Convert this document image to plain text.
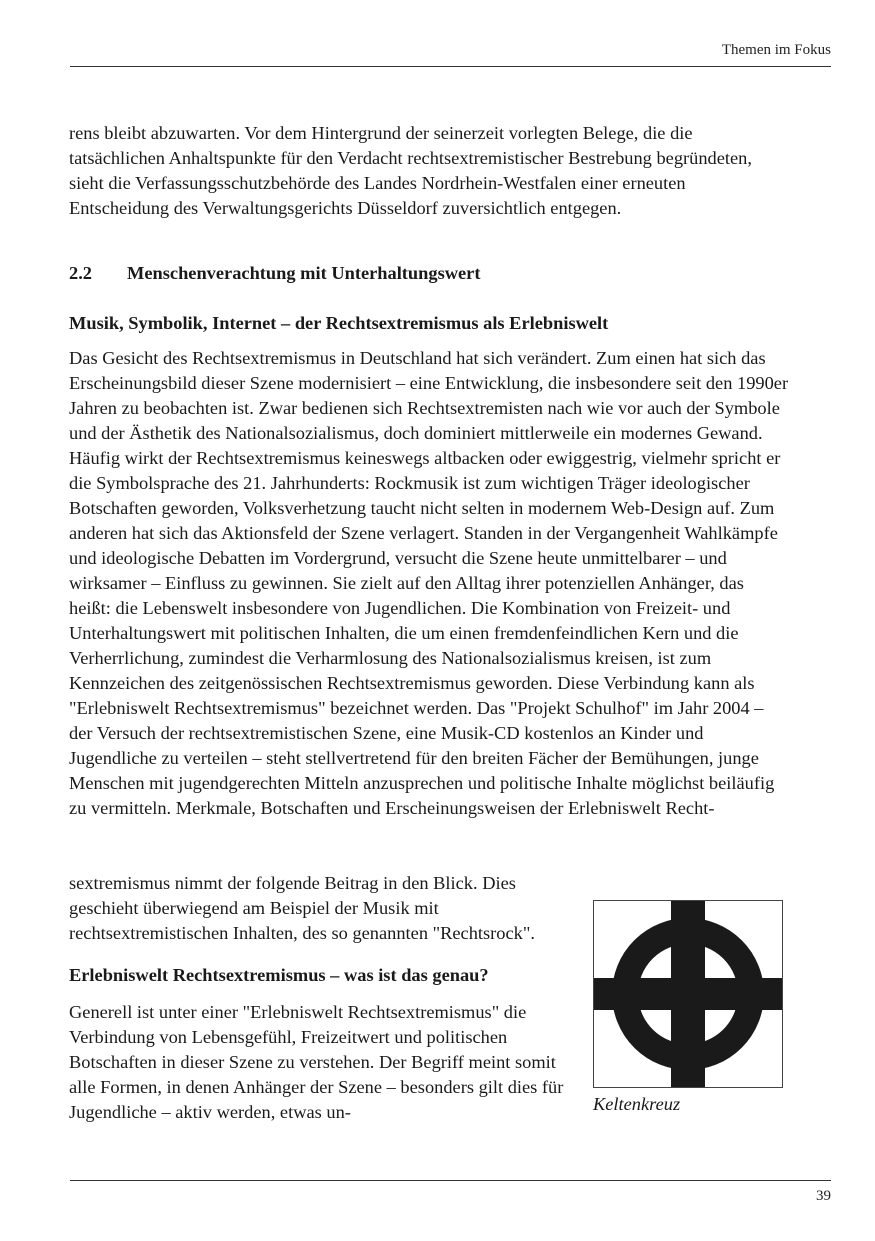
Themen im Fokus

rens bleibt abzuwarten. Vor dem Hintergrund der seinerzeit vorlegten Belege, die die tatsächlichen Anhaltspunkte für den Verdacht rechtsextremistischer Bestrebung begründeten, sieht die Verfassungsschutzbehörde des Landes Nordrhein-Westfalen einer erneuten Entscheidung des Verwaltungsgerichts Düsseldorf zuversichtlich entgegen.

2.2 Menschenverachtung mit Unterhaltungswert
Musik, Symbolik, Internet – der Rechtsextremismus als Erlebniswelt

Das Gesicht des Rechtsextremismus in Deutschland hat sich verändert. Zum einen hat sich das Erscheinungsbild dieser Szene modernisiert – eine Entwicklung, die insbesondere seit den 1990er Jahren zu beobachten ist. Zwar bedienen sich Rechtsextremisten nach wie vor auch der Symbole und der Ästhetik des Nationalsozialismus, doch dominiert mittlerweile ein modernes Gewand. Häufig wirkt der Rechtsextremismus keineswegs altbacken oder ewiggestrig, vielmehr spricht er die Symbolsprache des 21. Jahrhunderts: Rockmusik ist zum wichtigen Träger ideologischer Botschaften geworden, Volksverhetzung taucht nicht selten in modernem Web-Design auf. Zum anderen hat sich das Aktionsfeld der Szene verlagert. Standen in der Vergangenheit Wahlkämpfe und ideologische Debatten im Vordergrund, versucht die Szene heute unmittelbarer – und wirksamer – Einfluss zu gewinnen. Sie zielt auf den Alltag ihrer potenziellen Anhänger, das heißt: die Lebenswelt insbesondere von Jugendlichen. Die Kombination von Freizeit- und Unterhaltungswert mit politischen Inhalten, die um einen fremdenfeindlichen Kern und die Verherrlichung, zumindest die Verharmlosung des Nationalsozialismus kreisen, ist zum Kennzeichen des zeitgenössischen Rechtsextremismus geworden. Diese Verbindung kann als "Erlebniswelt Rechtsextremismus" bezeichnet werden. Das "Projekt Schulhof" im Jahr 2004 – der Versuch der rechtsextremistischen Szene, eine Musik-CD kostenlos an Kinder und Jugendliche zu verteilen – steht stellvertretend für den breiten Fächer der Bemühungen, junge Menschen mit jugendgerechten Mitteln anzusprechen und politische Inhalte möglichst beiläufig zu vermitteln. Merkmale, Botschaften und Erscheinungsweisen der Erlebniswelt Recht-

sextremismus nimmt der folgende Beitrag in den Blick. Dies geschieht überwiegend am Beispiel der Musik mit rechtsextremistischen Inhalten, des so genannten "Rechtsrock".

Erlebniswelt Rechtsextremismus – was ist das genau?

Generell ist unter einer "Erlebniswelt Rechtsextremismus" die Verbindung von Lebensgefühl, Freizeitwert und politischen Botschaften in dieser Szene zu verstehen. Der Begriff meint somit alle Formen, in denen Anhänger der Szene – besonders gilt dies für Jugendliche – aktiv werden, etwas un-	Keltenkreuz
39
